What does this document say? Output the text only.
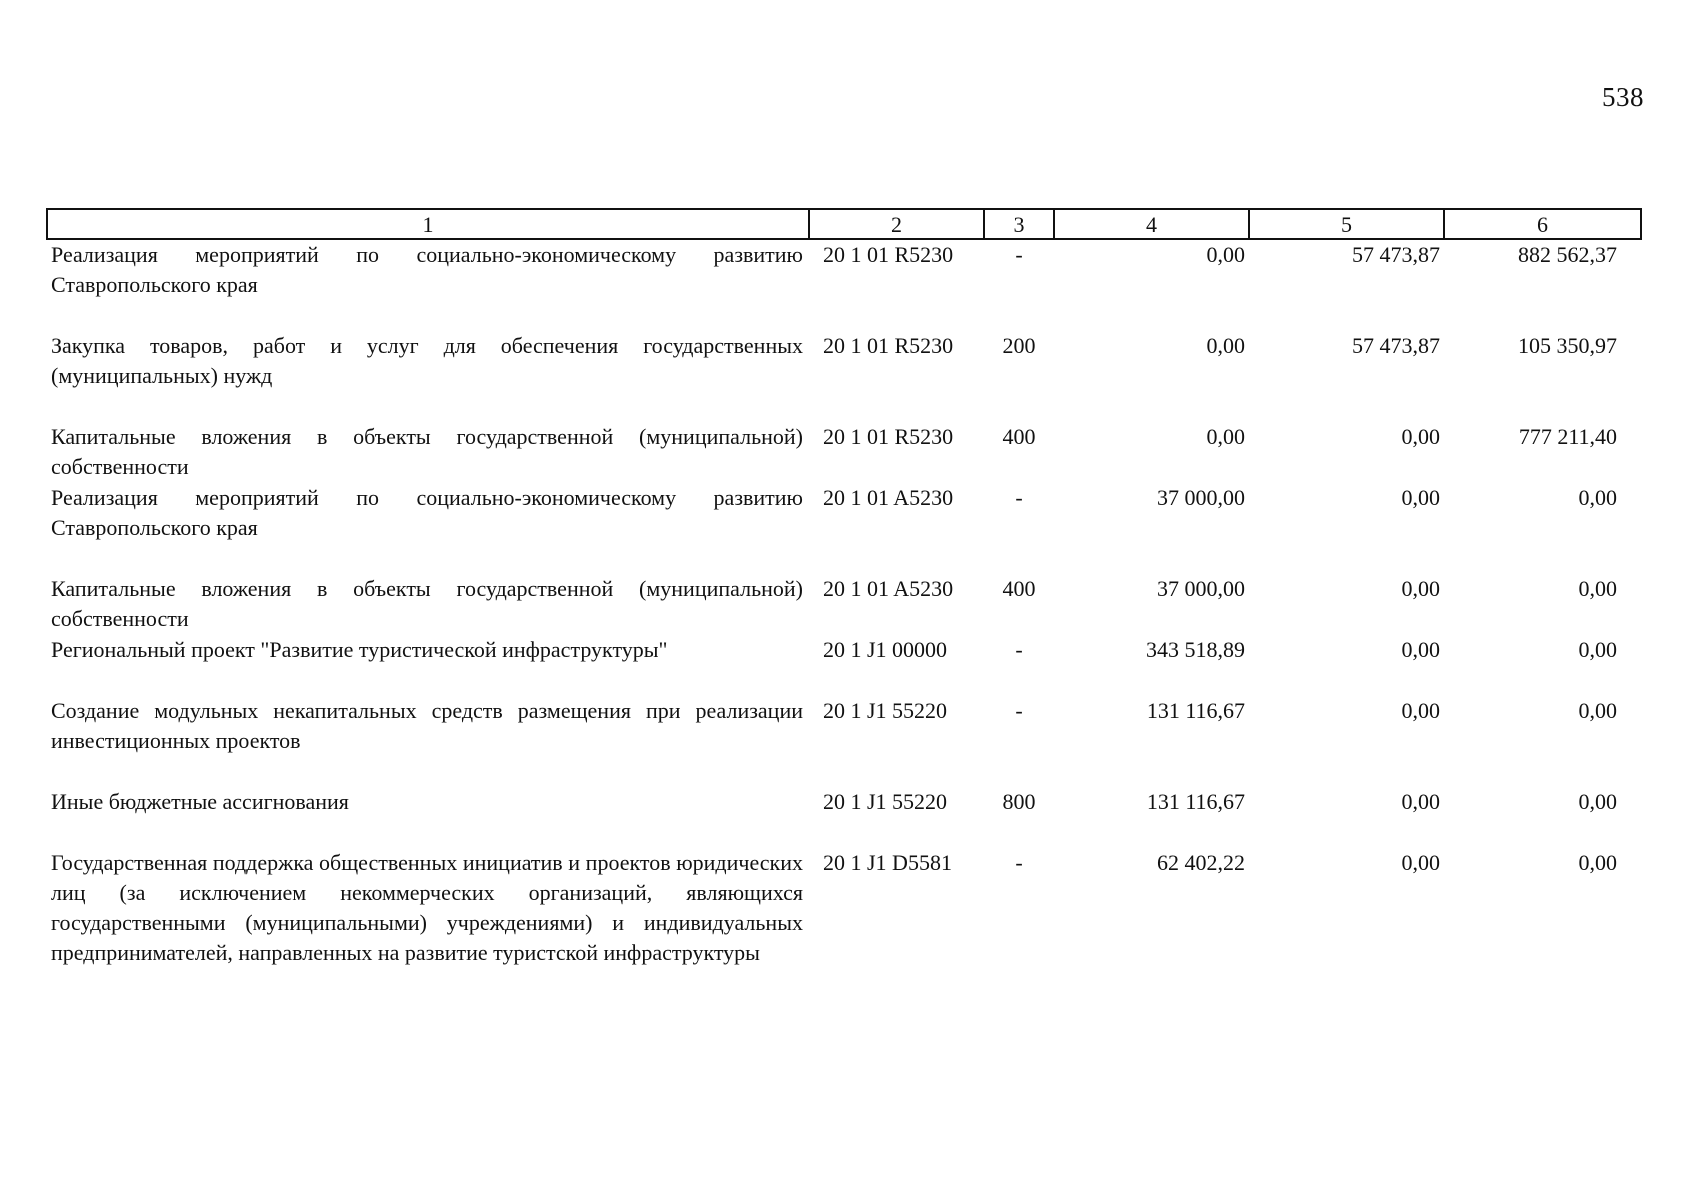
538
1	2	3	4	5	6
Реализация мероприятий по социально-экономическому развитию Ставропольского края	20 1 01 R5230	-	0,00	57 473,87	882 562,37
Закупка товаров, работ и услуг для обеспечения государственных (муниципальных) нужд	20 1 01 R5230	200	0,00	57 473,87	105 350,97
Капитальные вложения в объекты государственной (муниципальной) собственности	20 1 01 R5230	400	0,00	0,00	777 211,40
Реализация мероприятий по социально-экономическому развитию Ставропольского края	20 1 01 A5230	-	37 000,00	0,00	0,00
Капитальные вложения в объекты государственной (муниципальной) собственности	20 1 01 A5230	400	37 000,00	0,00	0,00
Региональный проект "Развитие туристической инфраструктуры"	20 1 J1 00000	-	343 518,89	0,00	0,00
Создание модульных некапитальных средств размещения при реализации инвестиционных проектов	20 1 J1 55220	-	131 116,67	0,00	0,00
Иные бюджетные ассигнования	20 1 J1 55220	800	131 116,67	0,00	0,00
Государственная поддержка общественных инициатив и проектов юридических лиц (за исключением некоммерческих организаций, являющихся государственными (муниципальными) учреждениями) и индивидуальных предпринимателей, направленных на развитие туристской инфраструктуры	20 1 J1 D5581	-	62 402,22	0,00	0,00
